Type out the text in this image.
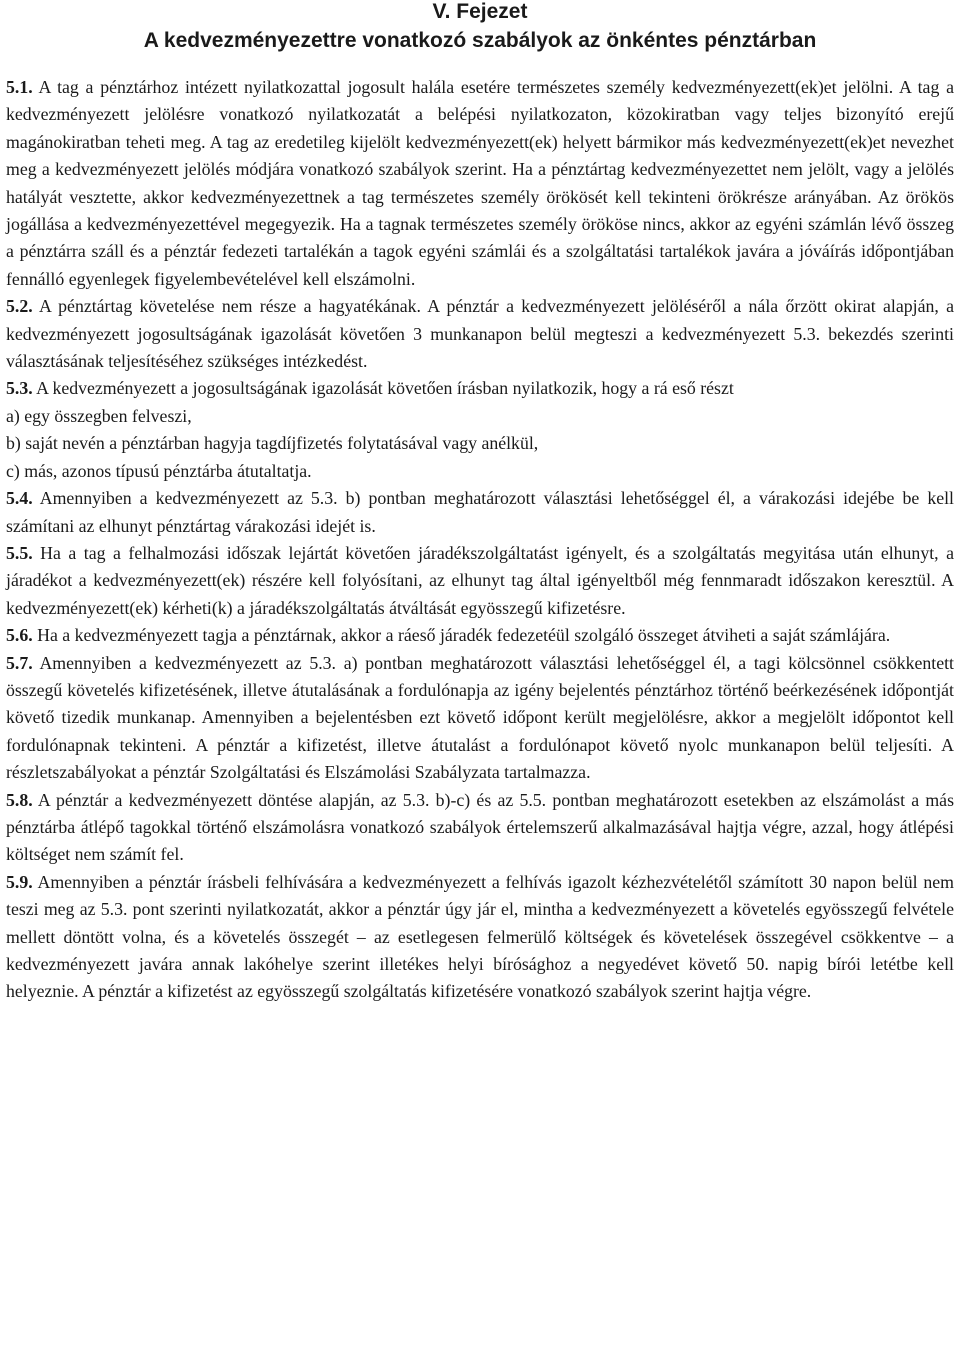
V. Fejezet
A kedvezményezettre vonatkozó szabályok az önkéntes pénztárban

5.1. A tag a pénztárhoz intézett nyilatkozattal jogosult halála esetére természetes személy kedvezményezett(ek)et jelölni. A tag a kedvezményezett jelölésre vonatkozó nyilatkozatát a belépési nyilatkozaton, közokiratban vagy teljes bizonyító erejű magánokiratban teheti meg. A tag az eredetileg kijelölt kedvezményezett(ek) helyett bármikor más kedvezményezett(ek)et nevezhet meg a kedvezményezett jelölés módjára vonatkozó szabályok szerint. Ha a pénztártag kedvezményezettet nem jelölt, vagy a jelölés hatályát vesztette, akkor kedvezményezettnek a tag természetes személy örökösét kell tekinteni örökrésze arányában. Az örökös jogállása a kedvezményezettével megegyezik. Ha a tagnak természetes személy örököse nincs, akkor az egyéni számlán lévő összeg a pénztárra száll és a pénztár fedezeti tartalékán a tagok egyéni számlái és a szolgáltatási tartalékok javára a jóváírás időpontjában fennálló egyenlegek figyelembevételével kell elszámolni.

5.2. A pénztártag követelése nem része a hagyatékának. A pénztár a kedvezményezett jelöléséről a nála őrzött okirat alapján, a kedvezményezett jogosultságának igazolását követően 3 munkanapon belül megteszi a kedvezményezett 5.3. bekezdés szerinti választásának teljesítéséhez szükséges intézkedést.

5.3. A kedvezményezett a jogosultságának igazolását követően írásban nyilatkozik, hogy a rá eső részt

a) egy összegben felveszi,

b) saját nevén a pénztárban hagyja tagdíjfizetés folytatásával vagy anélkül,

c) más, azonos típusú pénztárba átutaltatja.

5.4. Amennyiben a kedvezményezett az 5.3. b) pontban meghatározott választási lehetőséggel él, a várakozási idejébe be kell számítani az elhunyt pénztártag várakozási idejét is.

5.5. Ha a tag a felhalmozási időszak lejártát követően járadékszolgáltatást igényelt, és a szolgáltatás megyitása után elhunyt, a járadékot a kedvezményezett(ek) részére kell folyósítani, az elhunyt tag által igényeltből még fennmaradt időszakon keresztül. A kedvezményezett(ek) kérheti(k) a járadékszolgáltatás átváltását egyösszegű kifizetésre.

5.6. Ha a kedvezményezett tagja a pénztárnak, akkor a ráeső járadék fedezetéül szolgáló összeget átviheti a saját számlájára.

5.7. Amennyiben a kedvezményezett az 5.3. a) pontban meghatározott választási lehetőséggel él, a tagi kölcsönnel csökkentett összegű követelés kifizetésének, illetve átutalásának a fordulónapja az igény bejelentés pénztárhoz történő beérkezésének időpontját követő tizedik munkanap. Amennyiben a bejelentésben ezt követő időpont került megjelölésre, akkor a megjelölt időpontot kell fordulónapnak tekinteni. A pénztár a kifizetést, illetve átutalást a fordulónapot követő nyolc munkanapon belül teljesíti. A részletszabályokat a pénztár Szolgáltatási és Elszámolási Szabályzata tartalmazza.

5.8. A pénztár a kedvezményezett döntése alapján, az 5.3. b)-c) és az 5.5. pontban meghatározott esetekben az elszámolást a más pénztárba átlépő tagokkal történő elszámolásra vonatkozó szabályok értelemszerű alkalmazásával hajtja végre, azzal, hogy átlépési költséget nem számít fel.

5.9. Amennyiben a pénztár írásbeli felhívására a kedvezményezett a felhívás igazolt kézhezvételétől számított 30 napon belül nem teszi meg az 5.3. pont szerinti nyilatkozatát, akkor a pénztár úgy jár el, mintha a kedvezményezett a követelés egyösszegű felvétele mellett döntött volna, és a követelés összegét – az esetlegesen felmerülő költségek és követelések összegével csökkentve – a kedvezményezett javára annak lakóhelye szerint illetékes helyi bírósághoz a negyedévet követő 50. napig bírói letétbe kell helyeznie. A pénztár a kifizetést az egyösszegű szolgáltatás kifizetésére vonatkozó szabályok szerint hajtja végre.
